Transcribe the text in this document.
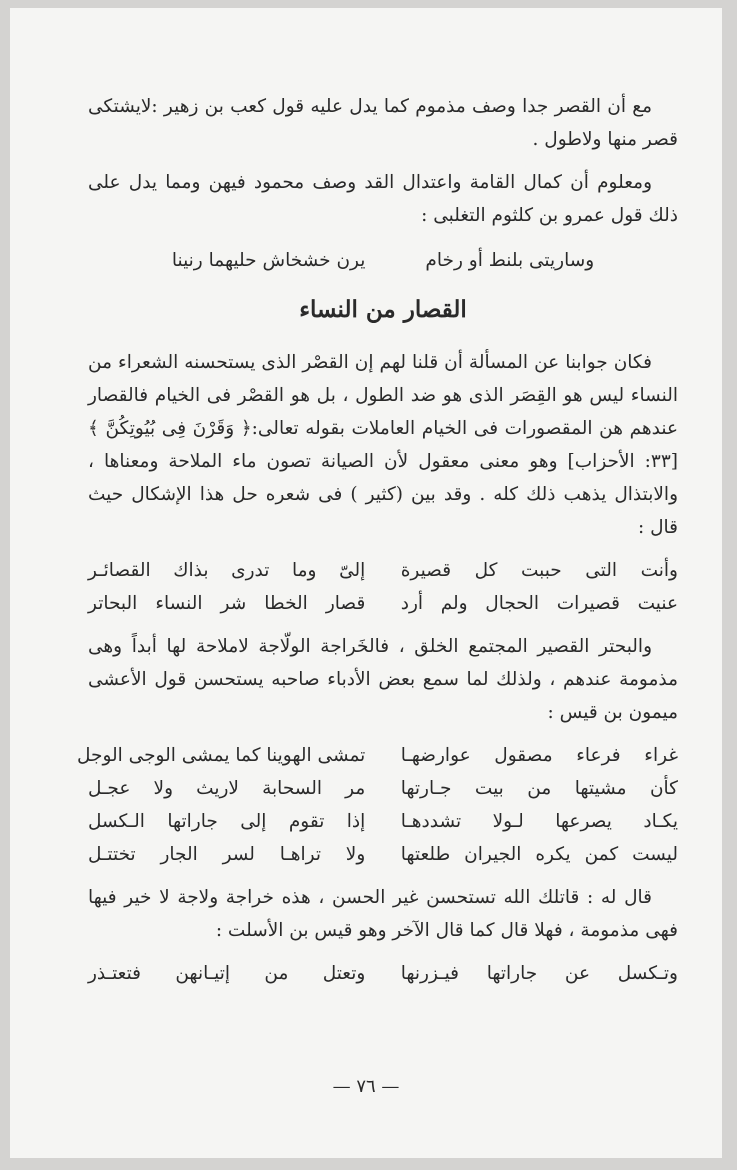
مع أن القصر جدا وصف مذموم كما يدل عليه قول كعب بن زهير :لايشتكى قصر منها ولاطول .

ومعلوم أن كمال القامة واعتدال القد وصف محمود فيهن ومما يدل على ذلك قول عمرو بن كلثوم التغلبى :

وساريتى بلنط أو رخام
يرن خشخاش حليهما رنينا
القصار من النساء

فكان جوابنا عن المسألة أن قلنا لهم إن القصْر الذى يستحسنه الشعراء من النساء ليس هو القِصَر الذى هو ضد الطول ، بل هو القصْر فى الخيام فالقصار عندهم هن المقصورات فى الخيام العاملات بقوله تعالى:﴿ وَقَرْنَ فِى بُيُوتِكُنَّ ﴾ [٣٣: الأحزاب] وهو معنى معقول لأن الصيانة تصون ماء الملاحة ومعناها ، والابتذال يذهب ذلك كله . وقد بين (كثير ) فى شعره حل هذا الإشكال حيث قال :

وأنت التى حببت كل قصيرة
إلىّ وما تدرى بذاك القصائـر
عنيت قصيرات الحجال ولم أرد
قصار الخطا شر النساء البحاتر

والبحتر القصير المجتمع الخلق ، فالخَراجة الولّاجة لاملاحة لها أبداً وهى مذمومة عندهم ، ولذلك لما سمع بعض الأدباء صاحبه يستحسن قول الأعشى ميمون بن قيس :

غراء فرعاء مصقول عوارضهـا
تمشى الهوينا كما يمشى الوجى الوجل
كأن مشيتها من بيت جـارتها
مر السحابة لاريث ولا عجـل
يكـاد يصرعها لـولا تشددهـا
إذا تقوم إلى جاراتها الـكسل
ليست كمن يكره الجيران طلعتها
ولا تراهـا لسر الجار تختتـل

قال له : قاتلك الله تستحسن غير الحسن ، هذه خراجة ولاجة لا خير فيها فهى مذمومة ، فهلا قال كما قال الآخر وهو قيس بن الأسلت :

وتـكسل عن جاراتها فيـزرنها
وتعتل من إتيـانهن فتعتـذر
— ٧٦ —
